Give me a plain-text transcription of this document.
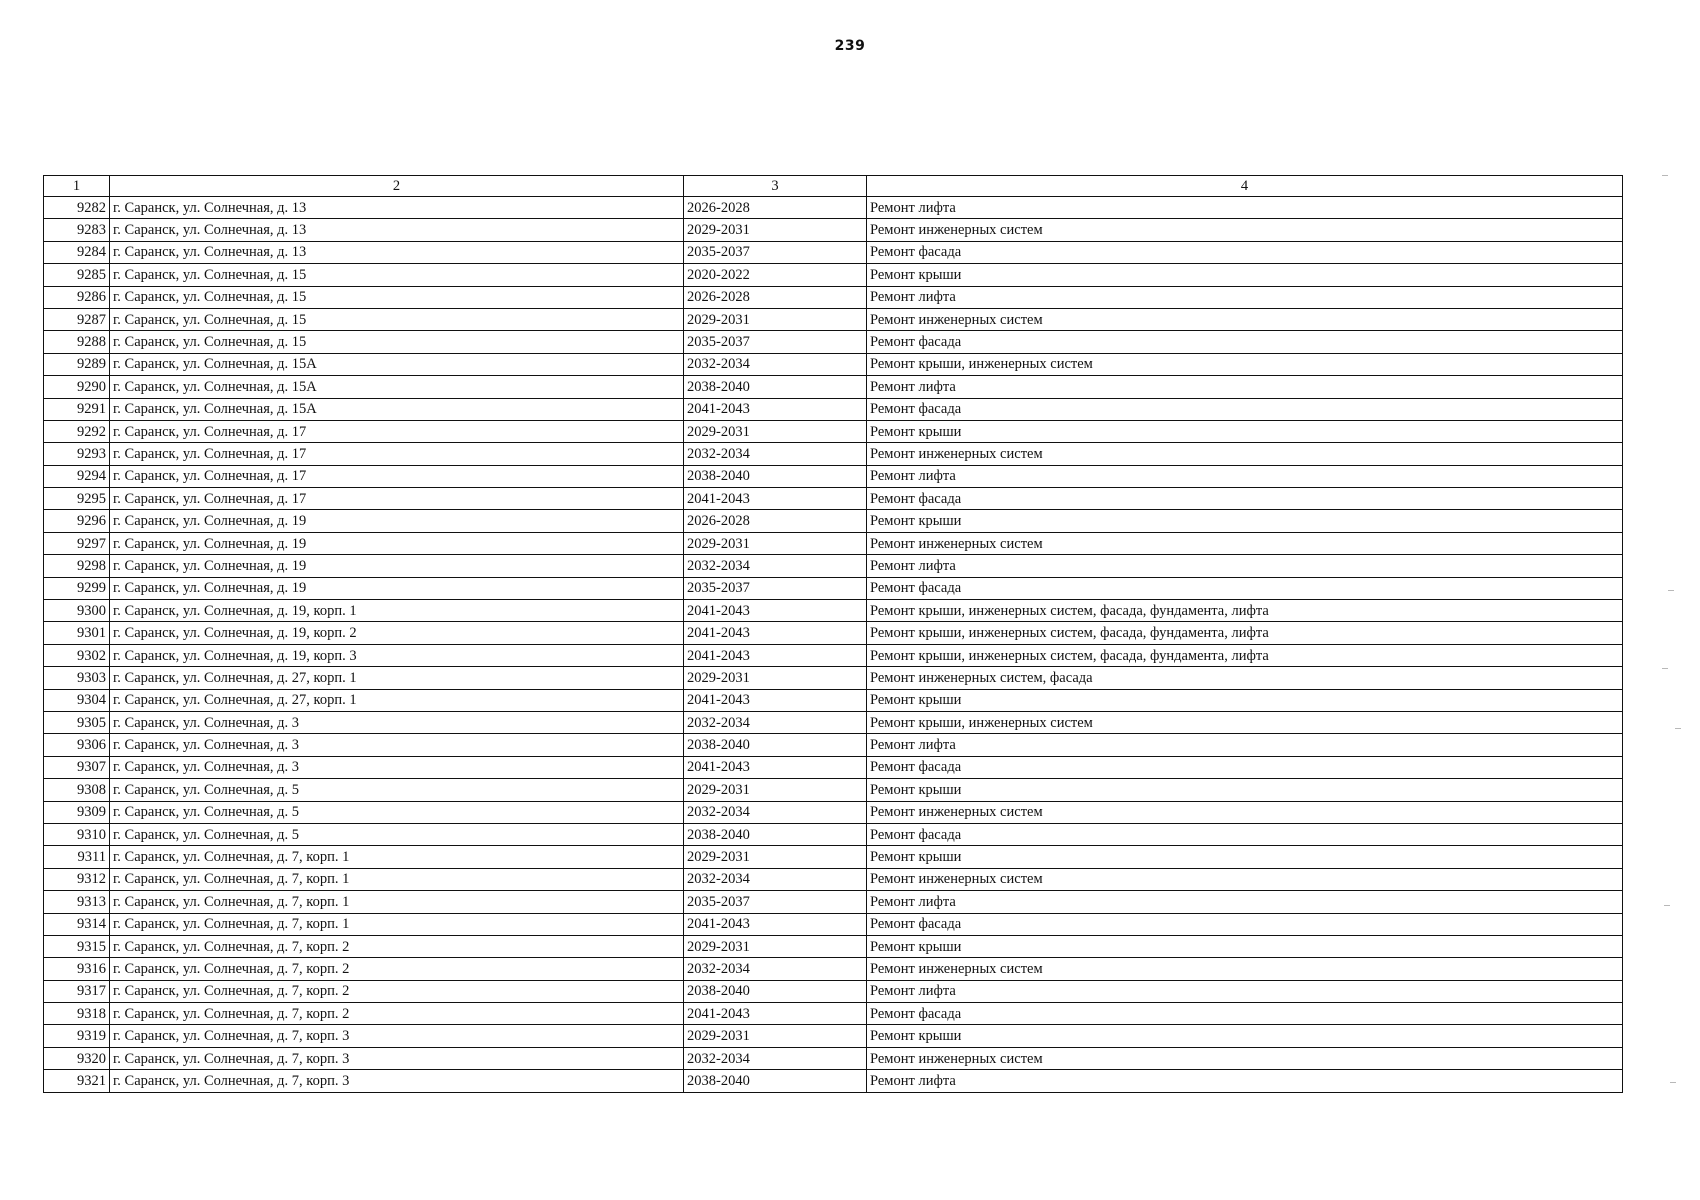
239
1	2	3	4
9282	г. Саранск, ул. Солнечная, д. 13	2026-2028	Ремонт лифта
9283	г. Саранск, ул. Солнечная, д. 13	2029-2031	Ремонт инженерных систем
9284	г. Саранск, ул. Солнечная, д. 13	2035-2037	Ремонт фасада
9285	г. Саранск, ул. Солнечная, д. 15	2020-2022	Ремонт крыши
9286	г. Саранск, ул. Солнечная, д. 15	2026-2028	Ремонт лифта
9287	г. Саранск, ул. Солнечная, д. 15	2029-2031	Ремонт инженерных систем
9288	г. Саранск, ул. Солнечная, д. 15	2035-2037	Ремонт фасада
9289	г. Саранск, ул. Солнечная, д. 15А	2032-2034	Ремонт крыши, инженерных систем
9290	г. Саранск, ул. Солнечная, д. 15А	2038-2040	Ремонт лифта
9291	г. Саранск, ул. Солнечная, д. 15А	2041-2043	Ремонт фасада
9292	г. Саранск, ул. Солнечная, д. 17	2029-2031	Ремонт крыши
9293	г. Саранск, ул. Солнечная, д. 17	2032-2034	Ремонт инженерных систем
9294	г. Саранск, ул. Солнечная, д. 17	2038-2040	Ремонт лифта
9295	г. Саранск, ул. Солнечная, д. 17	2041-2043	Ремонт фасада
9296	г. Саранск, ул. Солнечная, д. 19	2026-2028	Ремонт крыши
9297	г. Саранск, ул. Солнечная, д. 19	2029-2031	Ремонт инженерных систем
9298	г. Саранск, ул. Солнечная, д. 19	2032-2034	Ремонт лифта
9299	г. Саранск, ул. Солнечная, д. 19	2035-2037	Ремонт фасада
9300	г. Саранск, ул. Солнечная, д. 19, корп. 1	2041-2043	Ремонт крыши, инженерных систем, фасада, фундамента, лифта
9301	г. Саранск, ул. Солнечная, д. 19, корп. 2	2041-2043	Ремонт крыши, инженерных систем, фасада, фундамента, лифта
9302	г. Саранск, ул. Солнечная, д. 19, корп. 3	2041-2043	Ремонт крыши, инженерных систем, фасада, фундамента, лифта
9303	г. Саранск, ул. Солнечная, д. 27, корп. 1	2029-2031	Ремонт инженерных систем, фасада
9304	г. Саранск, ул. Солнечная, д. 27, корп. 1	2041-2043	Ремонт крыши
9305	г. Саранск, ул. Солнечная, д. 3	2032-2034	Ремонт крыши, инженерных систем
9306	г. Саранск, ул. Солнечная, д. 3	2038-2040	Ремонт лифта
9307	г. Саранск, ул. Солнечная, д. 3	2041-2043	Ремонт фасада
9308	г. Саранск, ул. Солнечная, д. 5	2029-2031	Ремонт крыши
9309	г. Саранск, ул. Солнечная, д. 5	2032-2034	Ремонт инженерных систем
9310	г. Саранск, ул. Солнечная, д. 5	2038-2040	Ремонт фасада
9311	г. Саранск, ул. Солнечная, д. 7, корп. 1	2029-2031	Ремонт крыши
9312	г. Саранск, ул. Солнечная, д. 7, корп. 1	2032-2034	Ремонт инженерных систем
9313	г. Саранск, ул. Солнечная, д. 7, корп. 1	2035-2037	Ремонт лифта
9314	г. Саранск, ул. Солнечная, д. 7, корп. 1	2041-2043	Ремонт фасада
9315	г. Саранск, ул. Солнечная, д. 7, корп. 2	2029-2031	Ремонт крыши
9316	г. Саранск, ул. Солнечная, д. 7, корп. 2	2032-2034	Ремонт инженерных систем
9317	г. Саранск, ул. Солнечная, д. 7, корп. 2	2038-2040	Ремонт лифта
9318	г. Саранск, ул. Солнечная, д. 7, корп. 2	2041-2043	Ремонт фасада
9319	г. Саранск, ул. Солнечная, д. 7, корп. 3	2029-2031	Ремонт крыши
9320	г. Саранск, ул. Солнечная, д. 7, корп. 3	2032-2034	Ремонт инженерных систем
9321	г. Саранск, ул. Солнечная, д. 7, корп. 3	2038-2040	Ремонт лифта
